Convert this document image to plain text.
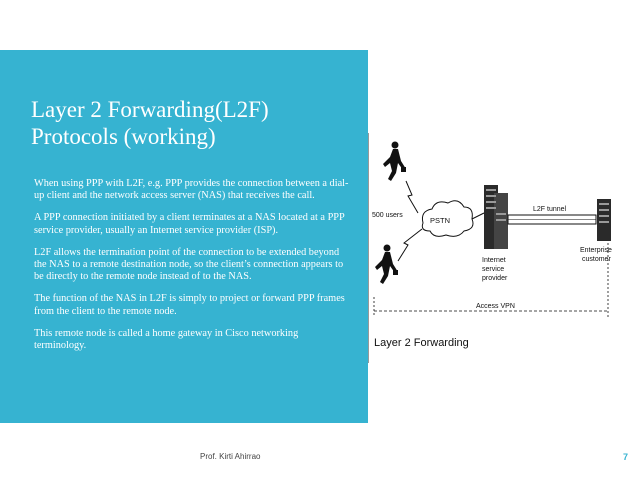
Layer 2 Forwarding(L2F)
Protocols (working)

When using PPP with L2F, e.g. PPP provides the connection between a dial-up client and the network access server (NAS) that receives the call.

A PPP connection initiated by a client terminates at a NAS located at a PPP service provider, usually an Internet service provider (ISP).

L2F allows the termination point of the connection to be extended beyond the NAS to a remote destination node, so the client’s connection appears to be directly to the remote node instead of to the NAS.

The function of the NAS in L2F is simply to project or forward PPP frames from the client to the remote node.

This remote node is called a home gateway in Cisco networking terminology.

500 users
PSTN
Internet
service
provider
L2F tunnel
Enterprise
customer
Access VPN
Layer 2 Forwarding
Prof. Kirti Ahirrao	7
